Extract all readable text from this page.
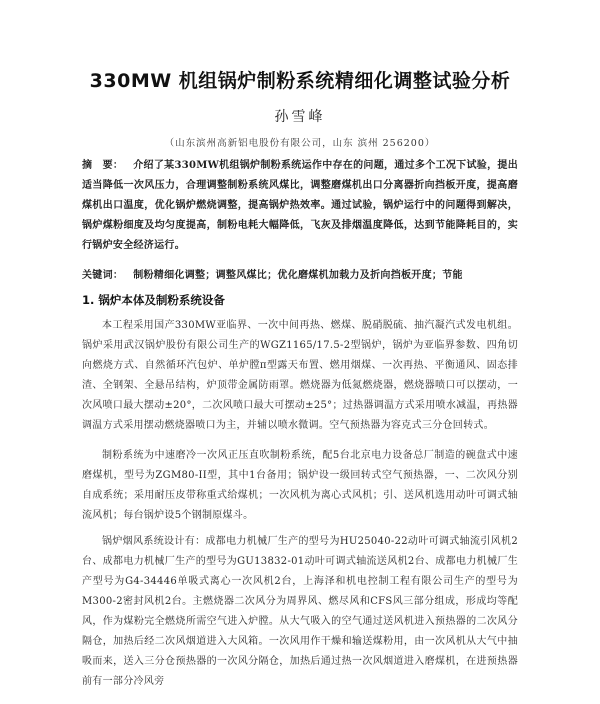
330MW 机组锅炉制粉系统精细化调整试验分析
孙雪峰
（山东滨州高新铝电股份有限公司，山东 滨州 256200）
摘　要： 介绍了某330MW机组锅炉制粉系统运作中存在的问题，通过多个工况下试验，提出适当降低一次风压力，合理调整制粉系统风煤比，调整磨煤机出口分离器折向挡板开度，提高磨煤机出口温度，优化锅炉燃烧调整，提高锅炉热效率。通过试验，锅炉运行中的问题得到解决，锅炉煤粉细度及均匀度提高，制粉电耗大幅降低，飞灰及排烟温度降低，达到节能降耗目的，实行锅炉安全经济运行。
关键词： 制粉精细化调整；调整风煤比；优化磨煤机加载力及折向挡板开度；节能
1. 锅炉本体及制粉系统设备

本工程采用国产330MW亚临界、一次中间再热、燃煤、脱硝脱硫、抽汽凝汽式发电机组。锅炉采用武汉锅炉股份有限公司生产的WGZ1165/17.5-2型锅炉，锅炉为亚临界参数、四角切向燃烧方式、自然循环汽包炉、单炉膛π型露天布置、燃用烟煤、一次再热、平衡通风、固态排渣、全钢架、全悬吊结构，炉顶带金属防雨罩。燃烧器为低氮燃烧器，燃烧器喷口可以摆动，一次风喷口最大摆动±20°，二次风喷口最大可摆动±25°；过热器调温方式采用喷水减温，再热器调温方式采用摆动燃烧器喷口为主，并辅以喷水微调。空气预热器为容克式三分仓回转式。

制粉系统为中速磨冷一次风正压直吹制粉系统，配5台北京电力设备总厂制造的碗盘式中速磨煤机，型号为ZGM80-II型，其中1台备用；锅炉设一级回转式空气预热器，一、二次风分别自成系统；采用耐压皮带称重式给煤机；一次风机为离心式风机；引、送风机选用动叶可调式轴流风机；每台锅炉设5个钢制原煤斗。

锅炉烟风系统设计有：成都电力机械厂生产的型号为HU25040-22动叶可调式轴流引风机2台、成都电力机械厂生产的型号为GU13832-01动叶可调式轴流送风机2台、成都电力机械厂生产型号为G4-34446单吸式离心一次风机2台，上海泽和机电控制工程有限公司生产的型号为M300-2密封风机2台。主燃烧器二次风分为周界风、燃尽风和CFS风三部分组成，形成均等配风，作为煤粉完全燃烧所需空气进入炉膛。从大气吸入的空气通过送风机进入预热器的二次风分隔仓，加热后经二次风烟道进入大风箱。一次风用作干燥和输送煤粉用，由一次风机从大气中抽吸而来，送入三分仓预热器的一次风分隔仓，加热后通过热一次风烟道进入磨煤机，在进预热器前有一部分冷风旁
